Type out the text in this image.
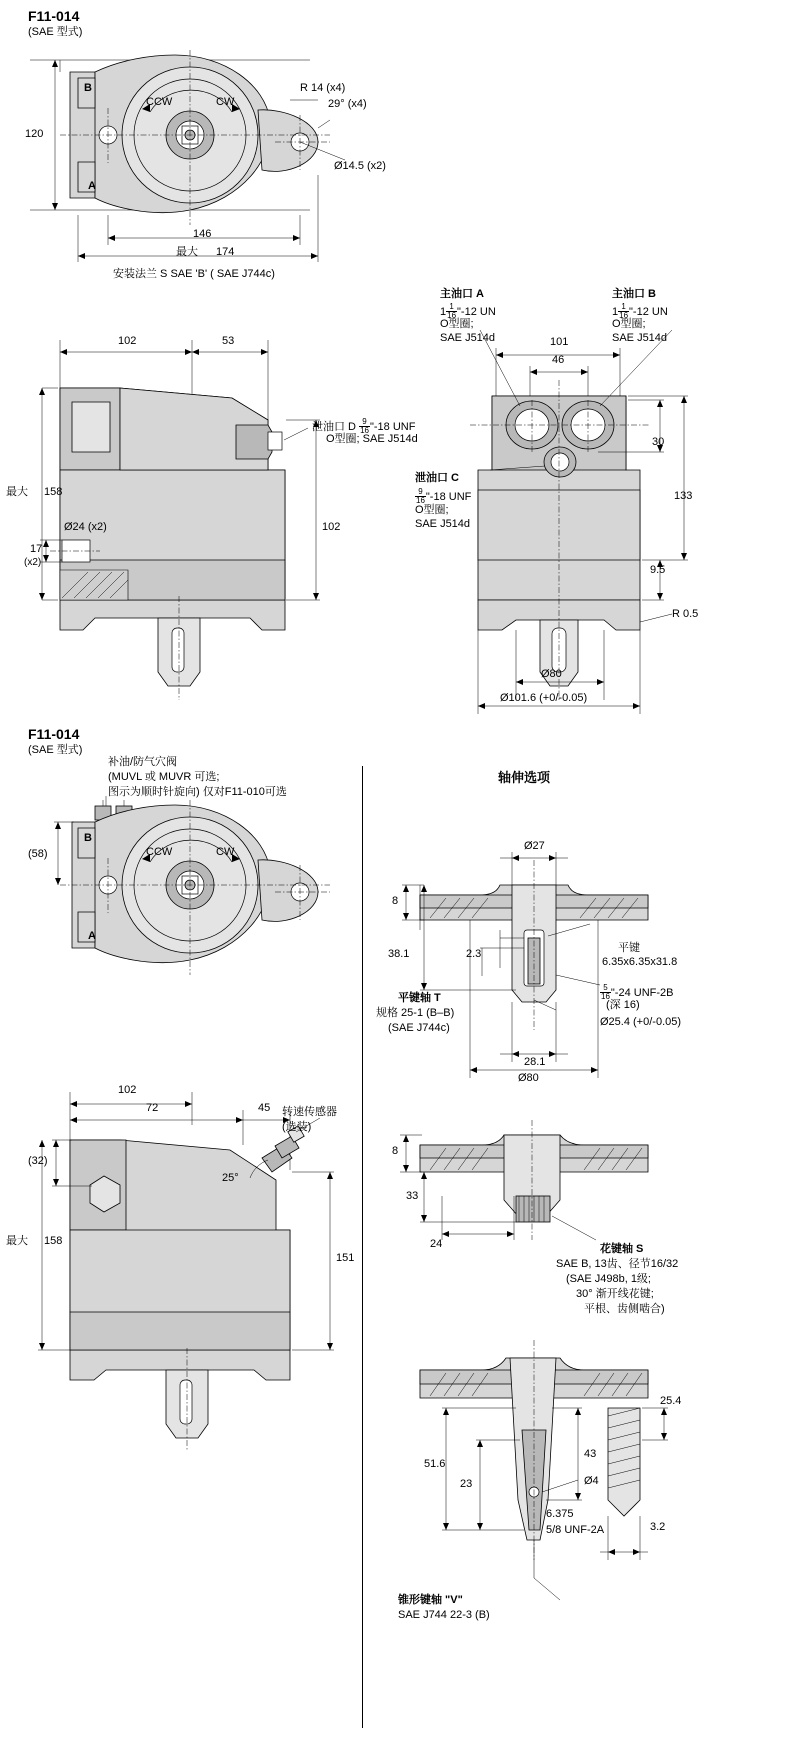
F11-014
(SAE 型式)
120
B
A
CCW	CW
R 14 (x4)
29° (x4)
Ø14.5 (x2)
146
最大 174
安装法兰 S SAE 'B' ( SAE J744c)
102	53
最大 158
102
17
(x2)
Ø24 (x2)
泄油口 D $\frac{9}{16}$ "-18 UNF
O型圈; SAE J514d
主油口 A
$1 \frac{1}{16}$ "-12 UN
O型圈;
SAE J514d
主油口 B
$1 \frac{1}{16}$ "-12 UN
O型圈;
SAE J514d
泄油口 C
$\frac{9}{16}$ "-18 UNF
O型圈;
SAE J514d
101
46
30
133
9.5
R 0.5
Ø80
Ø101.6 (+0/-0.05)
F11-014
(SAE 型式)
补油/防气穴阀
(MUVL 或 MUVR 可选;
图示为顺时针旋向) 仅对F11-010可选
(58)
B
A
CCW	CW
102
72	45
(32)
最大 158
151
25°
转速传感器
(选装)
轴伸选项
Ø27
8
38.1	2.3
28.1
Ø80
平键
6.35x6.35x31.8
$\frac{5}{16}$ "-24 UNF-2B
(深 16)
Ø25.4 (+0/-0.05)
平键轴 T
规格 25-1 (B–B)
(SAE J744c)
8
33
24	花键轴 S
SAE B, 13齿、径节16/32
(SAE J498b, 1级;
30° 渐开线花键;
平根、齿侧啮合)
25.4
51.6
43
23	Ø4
6.375
5/8 UNF-2A	3.2
锥形键轴 "V"
SAE J744 22-3 (B)
